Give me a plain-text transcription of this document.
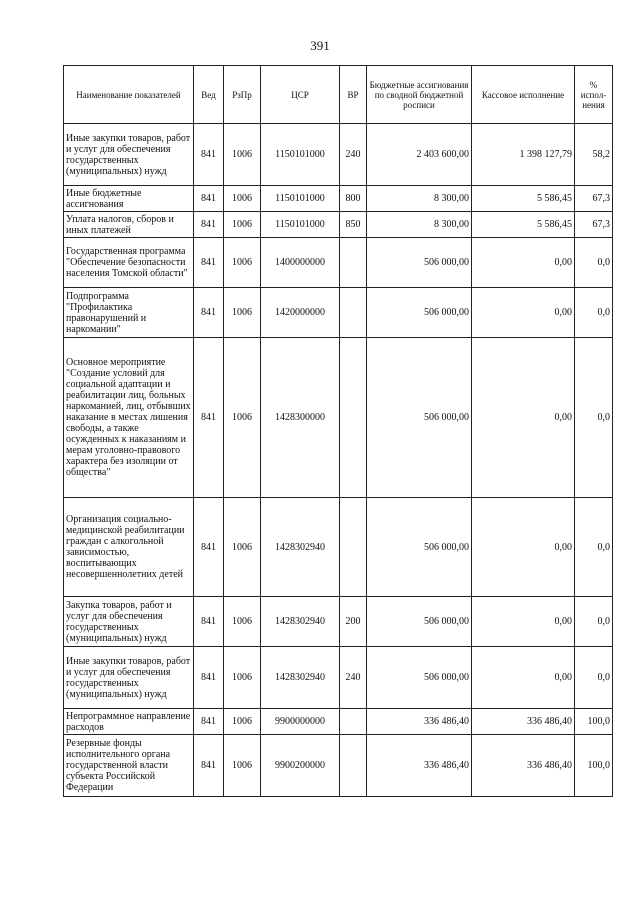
391
Наименование показателей	Вед	РзПр	ЦСР	ВР	Бюджетные ассигнования по сводной бюджетной росписи	Кассовое исполнение	% испол-нения
Иные закупки товаров, работ и услуг для обеспечения государственных (муниципальных) нужд	841	1006	1150101000	240	2 403 600,00	1 398 127,79	58,2
Иные бюджетные ассигнования	841	1006	1150101000	800	8 300,00	5 586,45	67,3
Уплата налогов, сборов и иных платежей	841	1006	1150101000	850	8 300,00	5 586,45	67,3
Государственная программа "Обеспечение безопасности населения Томской области"	841	1006	1400000000		506 000,00	0,00	0,0
Подпрограмма "Профилактика правонарушений и наркомании"	841	1006	1420000000		506 000,00	0,00	0,0
Основное мероприятие "Создание условий для социальной адаптации и реабилитации лиц, больных наркоманией, лиц, отбывших наказание в местах лишения свободы, а также осужденных к наказаниям и мерам уголовно-правового характера без изоляции от общества"	841	1006	1428300000		506 000,00	0,00	0,0
Организация социально-медицинской реабилитации граждан с алкогольной зависимостью, воспитывающих несовершеннолетних детей	841	1006	1428302940		506 000,00	0,00	0,0
Закупка товаров, работ и услуг для обеспечения государственных (муниципальных) нужд	841	1006	1428302940	200	506 000,00	0,00	0,0
Иные закупки товаров, работ и услуг для обеспечения государственных (муниципальных) нужд	841	1006	1428302940	240	506 000,00	0,00	0,0
Непрограммное направление расходов	841	1006	9900000000		336 486,40	336 486,40	100,0
Резервные фонды исполнительного органа государственной власти субъекта Российской Федерации	841	1006	9900200000		336 486,40	336 486,40	100,0
